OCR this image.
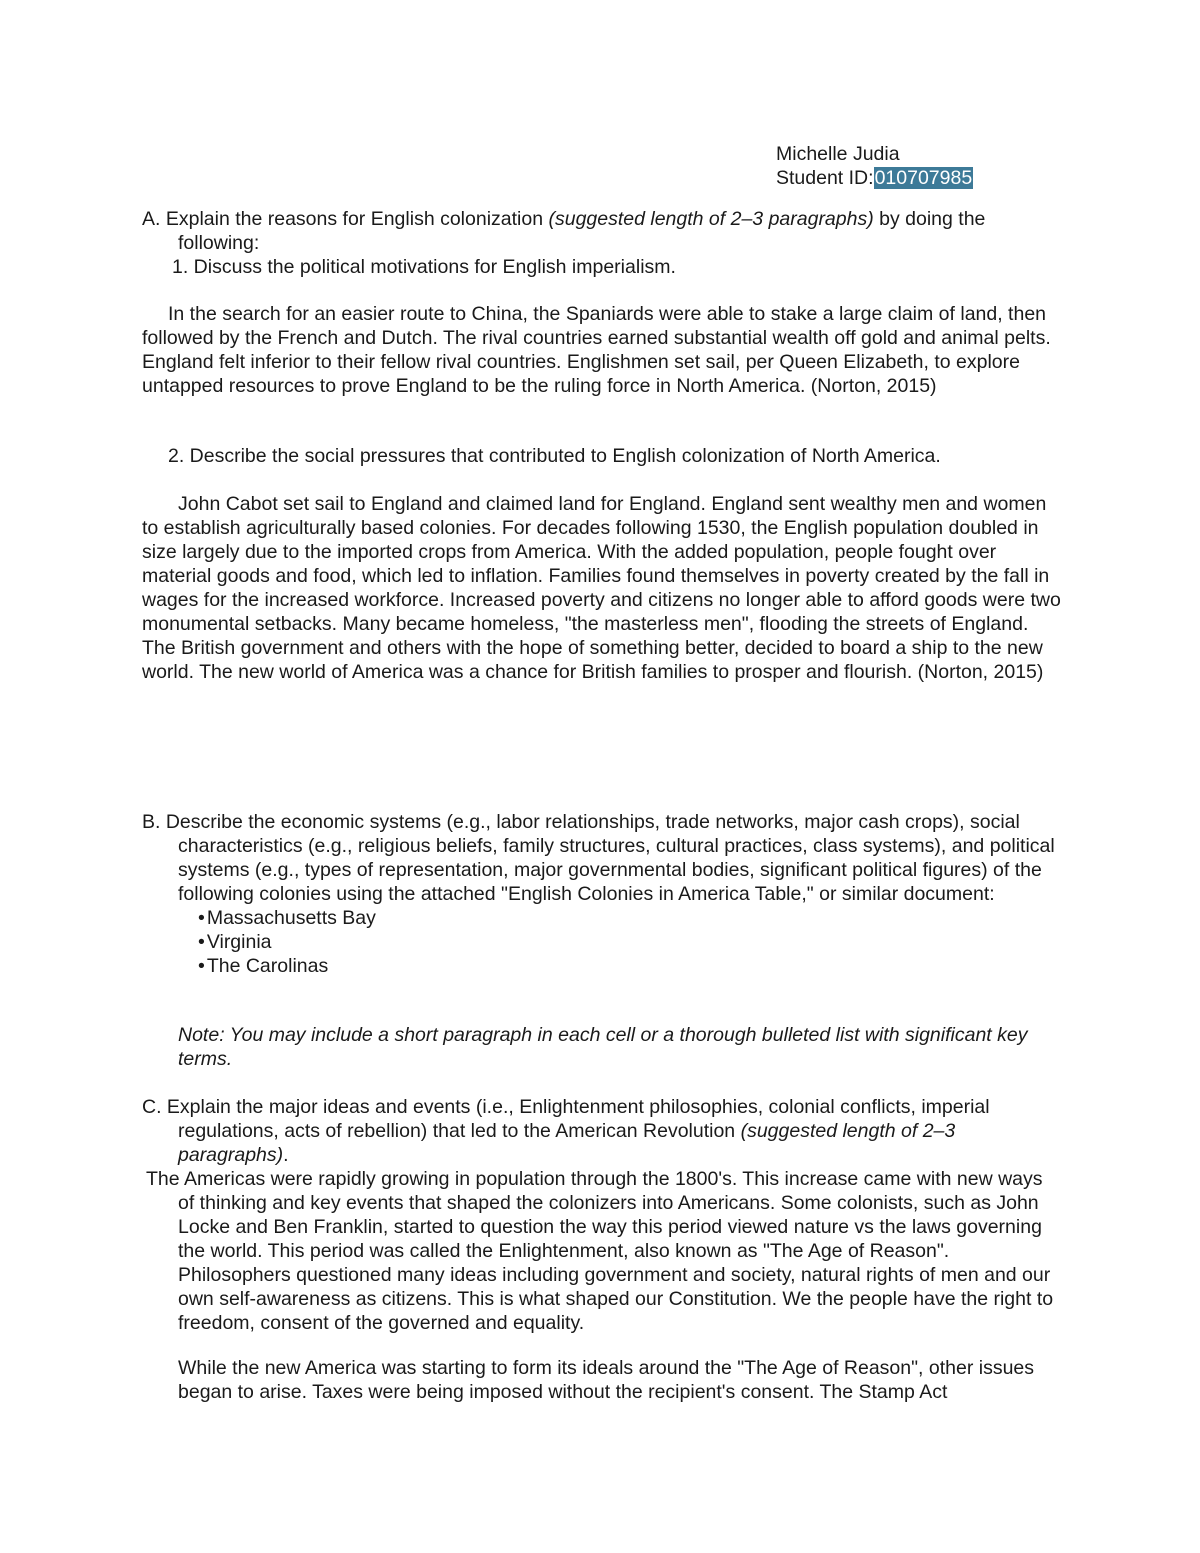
Michelle Judia
Student ID:010707985

A. Explain the reasons for English colonization (suggested length of 2–3 paragraphs) by doing the following:

1. Discuss the political motivations for English imperialism.

In the search for an easier route to China, the Spaniards were able to stake a large claim of land, then followed by the French and Dutch. The rival countries earned substantial wealth off gold and animal pelts. England felt inferior to their fellow rival countries. Englishmen set sail, per Queen Elizabeth, to explore untapped resources to prove England to be the ruling force in North America. (Norton, 2015)

2. Describe the social pressures that contributed to English colonization of North America.

John Cabot set sail to England and claimed land for England. England sent wealthy men and women to establish agriculturally based colonies. For decades following 1530, the English population doubled in size largely due to the imported crops from America. With the added population, people fought over material goods and food, which led to inflation. Families found themselves in poverty created by the fall in wages for the increased workforce. Increased poverty and citizens no longer able to afford goods were two monumental setbacks. Many became homeless, "the masterless men", flooding the streets of England. The British government and others with the hope of something better, decided to board a ship to the new world. The new world of America was a chance for British families to prosper and flourish. (Norton, 2015)

B. Describe the economic systems (e.g., labor relationships, trade networks, major cash crops), social characteristics (e.g., religious beliefs, family structures, cultural practices, class systems), and political systems (e.g., types of representation, major governmental bodies, significant political figures) of the following colonies using the attached "English Colonies in America Table," or similar document:

• Massachusetts Bay
• Virginia
• The Carolinas

Note: You may include a short paragraph in each cell or a thorough bulleted list with significant key terms.

C. Explain the major ideas and events (i.e., Enlightenment philosophies, colonial conflicts, imperial regulations, acts of rebellion) that led to the American Revolution (suggested length of 2–3 paragraphs).

The Americas were rapidly growing in population through the 1800's. This increase came with new ways of thinking and key events that shaped the colonizers into Americans. Some colonists, such as John Locke and Ben Franklin, started to question the way this period viewed nature vs the laws governing the world. This period was called the Enlightenment, also known as "The Age of Reason". Philosophers questioned many ideas including government and society, natural rights of men and our own self-awareness as citizens. This is what shaped our Constitution. We the people have the right to freedom, consent of the governed and equality.

While the new America was starting to form its ideals around the "The Age of Reason", other issues began to arise. Taxes were being imposed without the recipient's consent. The Stamp Act
